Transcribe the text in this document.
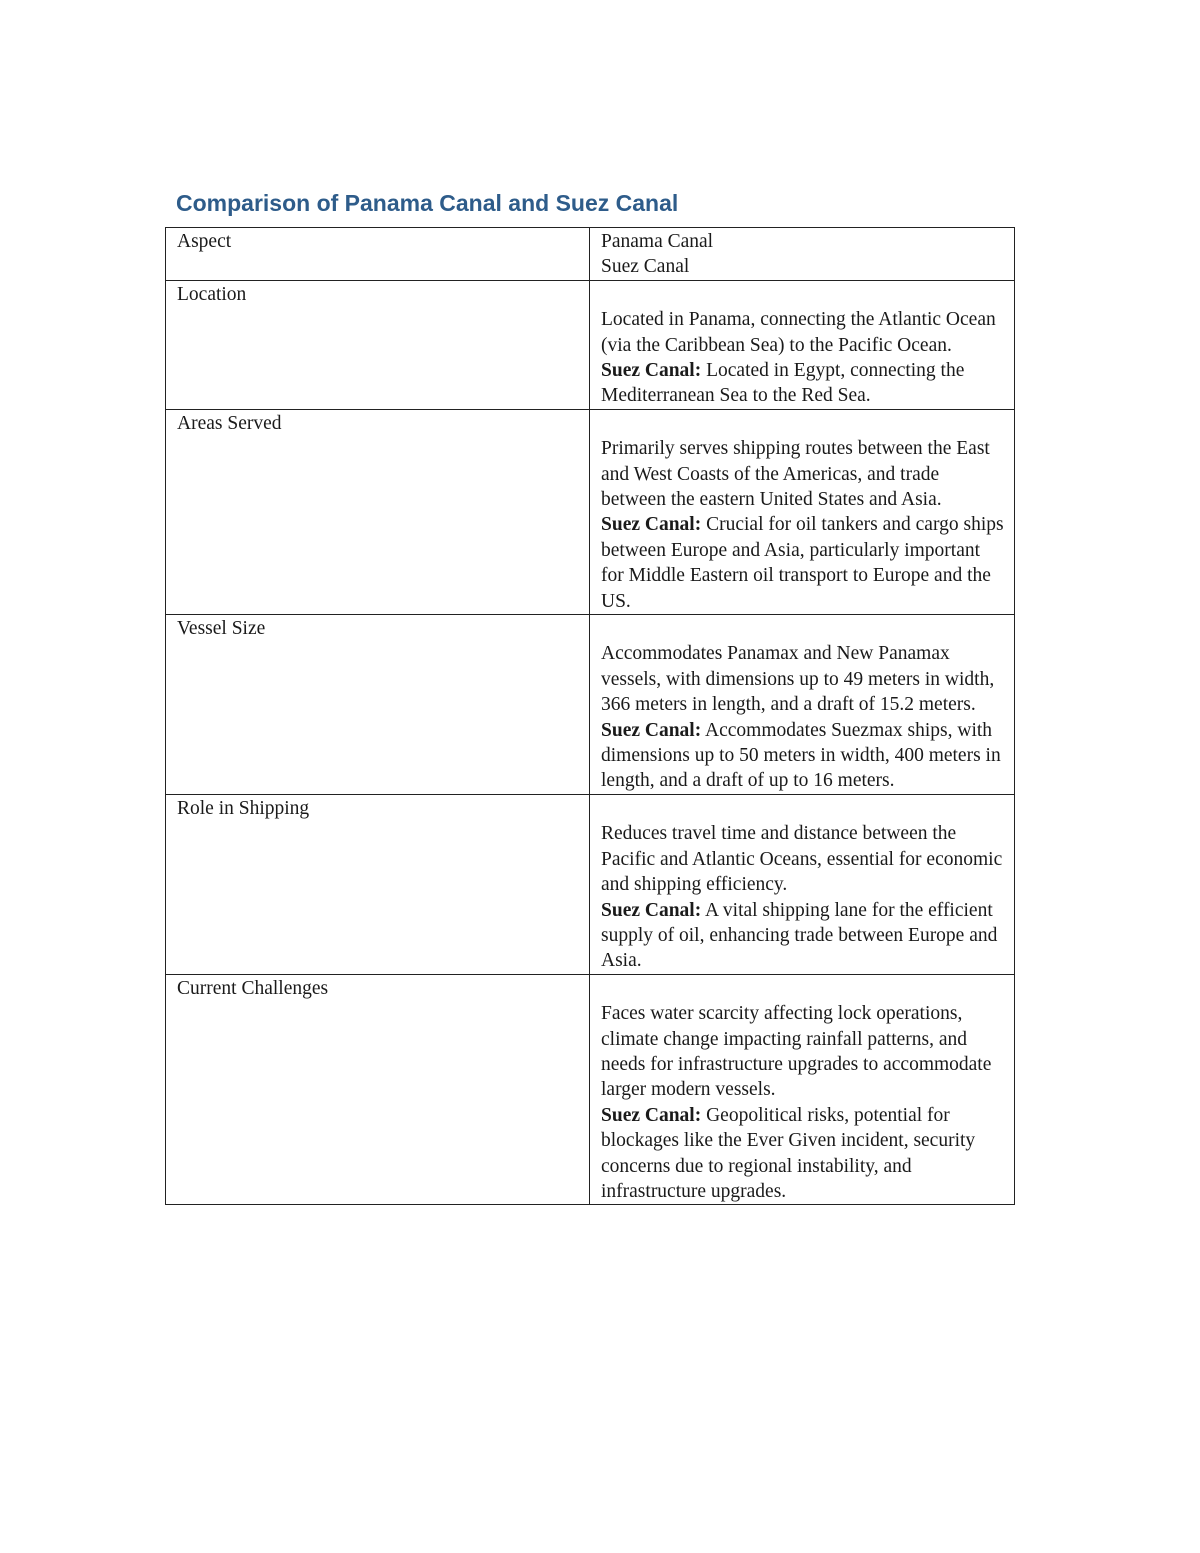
Comparison of Panama Canal and Suez Canal
Aspect	Panama Canal
Suez Canal

Location	Located in Panama, connecting the Atlantic Ocean (via the Caribbean Sea) to the Pacific Ocean.
Suez Canal: Located in Egypt, connecting the Mediterranean Sea to the Red Sea.

Areas Served	Primarily serves shipping routes between the East and West Coasts of the Americas, and trade between the eastern United States and Asia.
Suez Canal: Crucial for oil tankers and cargo ships between Europe and Asia, particularly important for Middle Eastern oil transport to Europe and the US.

Vessel Size	Accommodates Panamax and New Panamax vessels, with dimensions up to 49 meters in width, 366 meters in length, and a draft of 15.2 meters.
Suez Canal: Accommodates Suezmax ships, with dimensions up to 50 meters in width, 400 meters in length, and a draft of up to 16 meters.

Role in Shipping	Reduces travel time and distance between the Pacific and Atlantic Oceans, essential for economic and shipping efficiency.
Suez Canal: A vital shipping lane for the efficient supply of oil, enhancing trade between Europe and Asia.

Current Challenges	Faces water scarcity affecting lock operations, climate change impacting rainfall patterns, and needs for infrastructure upgrades to accommodate larger modern vessels.
Suez Canal: Geopolitical risks, potential for blockages like the Ever Given incident, security concerns due to regional instability, and infrastructure upgrades.
